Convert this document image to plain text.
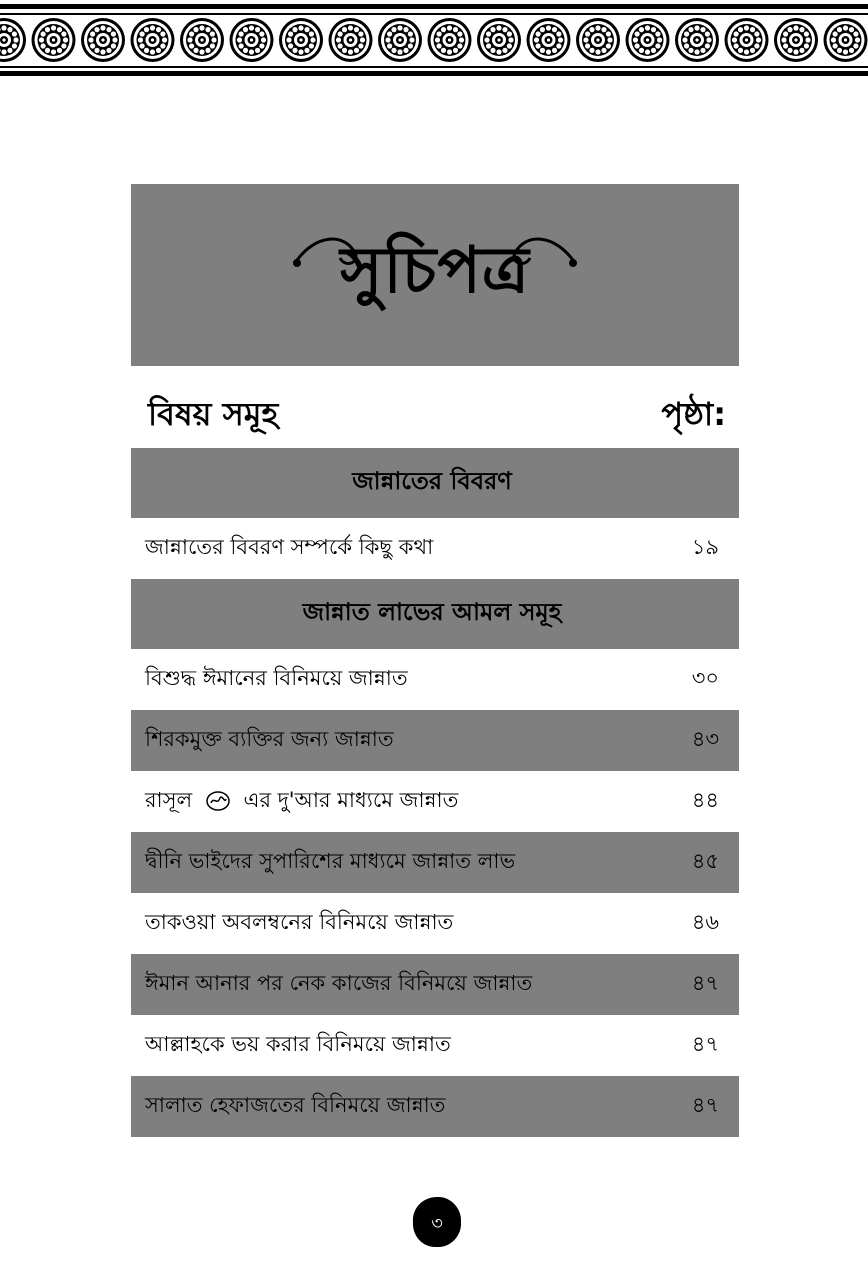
সুচিপত্র
বিষয় সমূহ	পৃষ্ঠা:
জান্নাতের বিবরণ
জান্নাতের বিবরণ সম্পর্কে কিছু কথা	১৯
জান্নাত লাভের আমল সমূহ
বিশুদ্ধ ঈমানের বিনিময়ে জান্নাত	৩০
শিরকমুক্ত ব্যক্তির জন্য জান্নাত	৪৩
রাসূল এর দু'আর মাধ্যমে জান্নাত	৪৪
দ্বীনি ভাইদের সুপারিশের মাধ্যমে জান্নাত লাভ	৪৫
তাকওয়া অবলম্বনের বিনিময়ে জান্নাত	৪৬
ঈমান আনার পর নেক কাজের বিনিময়ে জান্নাত	৪৭
আল্লাহকে ভয় করার বিনিময়ে জান্নাত	৪৭
সালাত হেফাজতের বিনিময়ে জান্নাত	৪৭
৩
